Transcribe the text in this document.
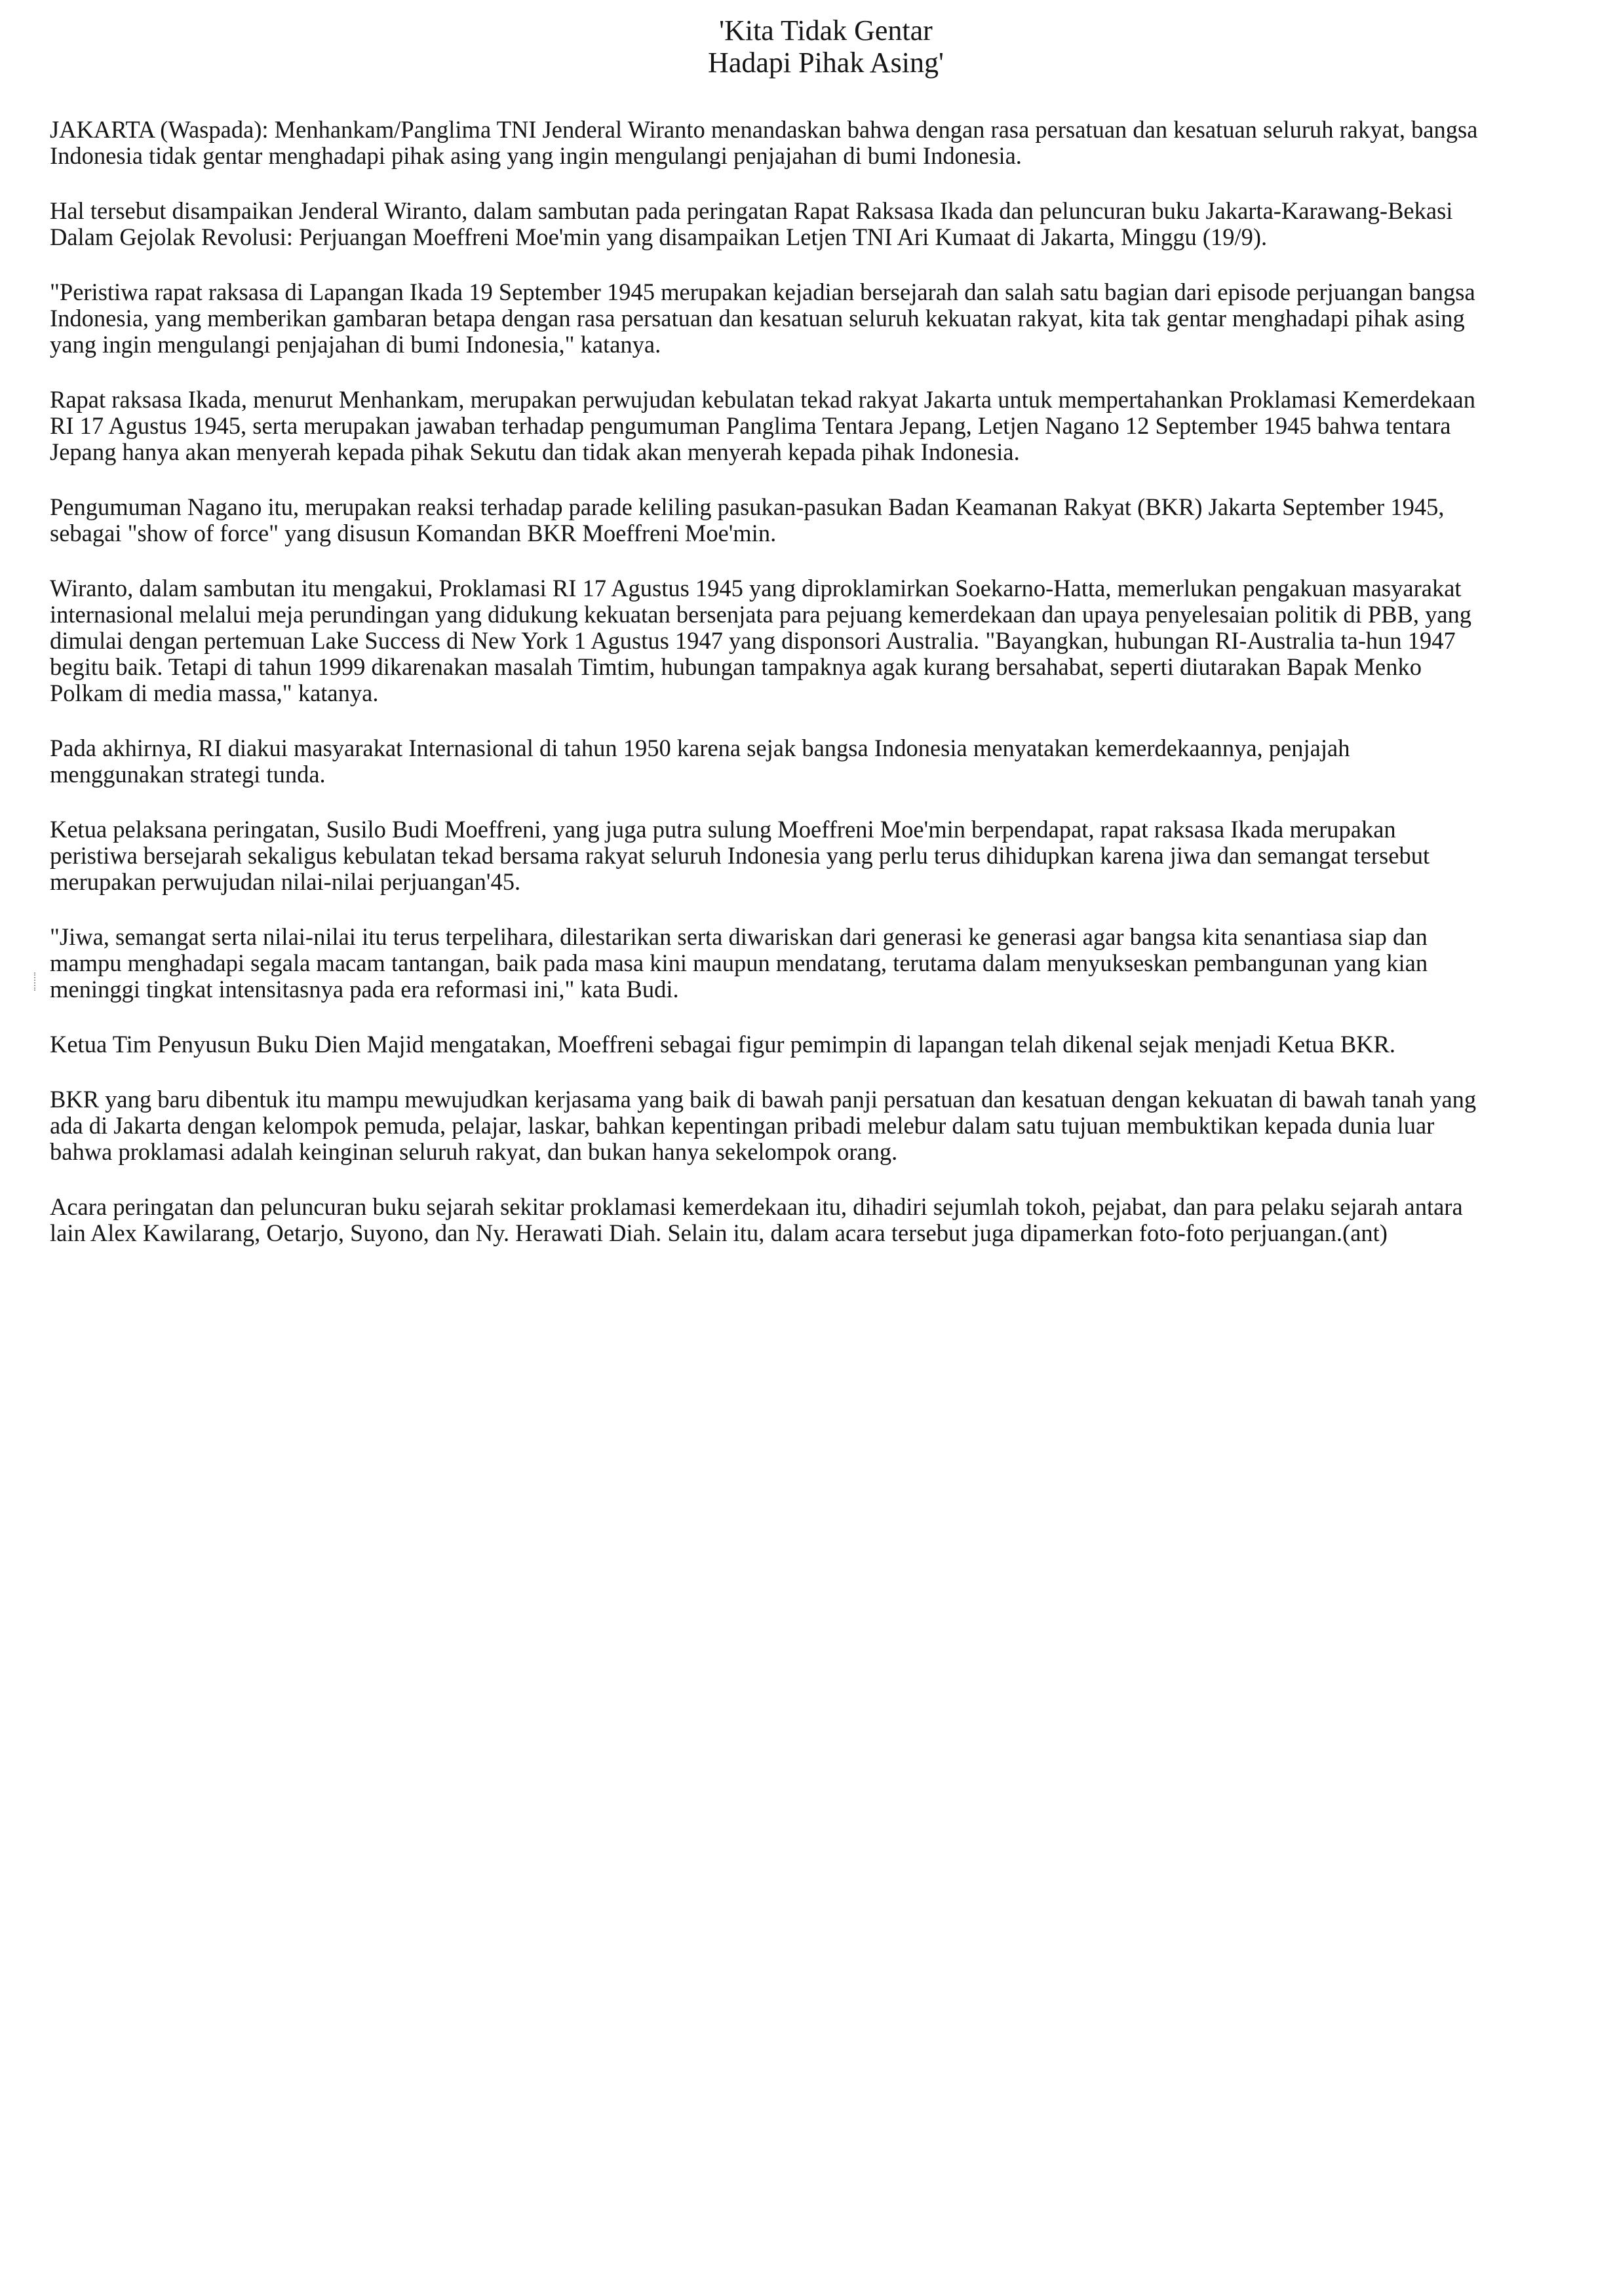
'Kita Tidak Gentar
Hadapi Pihak Asing'

JAKARTA (Waspada): Menhankam/Panglima TNI Jenderal Wiranto menandaskan bahwa dengan rasa persatuan dan kesatuan seluruh rakyat, bangsa Indonesia tidak gentar menghadapi pihak asing yang ingin mengulangi penjajahan di bumi Indonesia.

Hal tersebut disampaikan Jenderal Wiranto, dalam sambutan pada peringatan Rapat Raksasa Ikada dan peluncuran buku Jakarta-Karawang-Bekasi Dalam Gejolak Revolusi: Perjuangan Moeffreni Moe'min yang disampaikan Letjen TNI Ari Kumaat di Jakarta, Minggu (19/9).

"Peristiwa rapat raksasa di Lapangan Ikada 19 September 1945 merupakan kejadian bersejarah dan salah satu bagian dari episode perjuangan bangsa Indonesia, yang memberikan gambaran betapa dengan rasa persatuan dan kesatuan seluruh kekuatan rakyat, kita tak gentar menghadapi pihak asing yang ingin mengulangi penjajahan di bumi Indonesia," katanya.

Rapat raksasa Ikada, menurut Menhankam, merupakan perwujudan kebulatan tekad rakyat Jakarta untuk mempertahankan Proklamasi Kemerdekaan RI 17 Agustus 1945, serta merupakan jawaban terhadap pengumuman Panglima Tentara Jepang, Letjen Nagano 12 September 1945 bahwa tentara Jepang hanya akan menyerah kepada pihak Sekutu dan tidak akan menyerah kepada pihak Indonesia.

Pengumuman Nagano itu, merupakan reaksi terhadap parade keliling pasukan-pasukan Badan Keamanan Rakyat (BKR) Jakarta September 1945, sebagai "show of force" yang disusun Komandan BKR Moeffreni Moe'min.

Wiranto, dalam sambutan itu mengakui, Proklamasi RI 17 Agustus 1945 yang diproklamirkan Soekarno-Hatta, memerlukan pengakuan masyarakat internasional melalui meja perundingan yang didukung kekuatan bersenjata para pejuang kemerdekaan dan upaya penyelesaian politik di PBB, yang dimulai dengan pertemuan Lake Success di New York 1 Agustus 1947 yang disponsori Australia. "Bayangkan, hubungan RI-Australia ta-hun 1947 begitu baik. Tetapi di tahun 1999 dikarenakan masalah Timtim, hubungan tampaknya agak kurang bersahabat, seperti diutarakan Bapak Menko Polkam di media massa," katanya.

Pada akhirnya, RI diakui masyarakat Internasional di tahun 1950 karena sejak bangsa Indonesia menyatakan kemerdekaannya, penjajah menggunakan strategi tunda.

Ketua pelaksana peringatan, Susilo Budi Moeffreni, yang juga putra sulung Moeffreni Moe'min berpendapat, rapat raksasa Ikada merupakan peristiwa bersejarah sekaligus kebulatan tekad bersama rakyat seluruh Indonesia yang perlu terus dihidupkan karena jiwa dan semangat tersebut merupakan perwujudan nilai-nilai perjuangan'45.

"Jiwa, semangat serta nilai-nilai itu terus terpelihara, dilestarikan serta diwariskan dari generasi ke generasi agar bangsa kita senantiasa siap dan mampu menghadapi segala macam tantangan, baik pada masa kini maupun mendatang, terutama dalam menyukseskan pembangunan yang kian meninggi tingkat intensitasnya pada era reformasi ini," kata Budi.

Ketua Tim Penyusun Buku Dien Majid mengatakan, Moeffreni sebagai figur pemimpin di lapangan telah dikenal sejak menjadi Ketua BKR.

BKR yang baru dibentuk itu mampu mewujudkan kerjasama yang baik di bawah panji persatuan dan kesatuan dengan kekuatan di bawah tanah yang ada di Jakarta dengan kelompok pemuda, pelajar, laskar, bahkan kepentingan pribadi melebur dalam satu tujuan membuktikan kepada dunia luar bahwa proklamasi adalah keinginan seluruh rakyat, dan bukan hanya sekelompok orang.

Acara peringatan dan peluncuran buku sejarah sekitar proklamasi kemerdekaan itu, dihadiri sejumlah tokoh, pejabat, dan para pelaku sejarah antara lain Alex Kawilarang, Oetarjo, Suyono, dan Ny. Herawati Diah. Selain itu, dalam acara tersebut juga dipamerkan foto-foto perjuangan.(ant)
